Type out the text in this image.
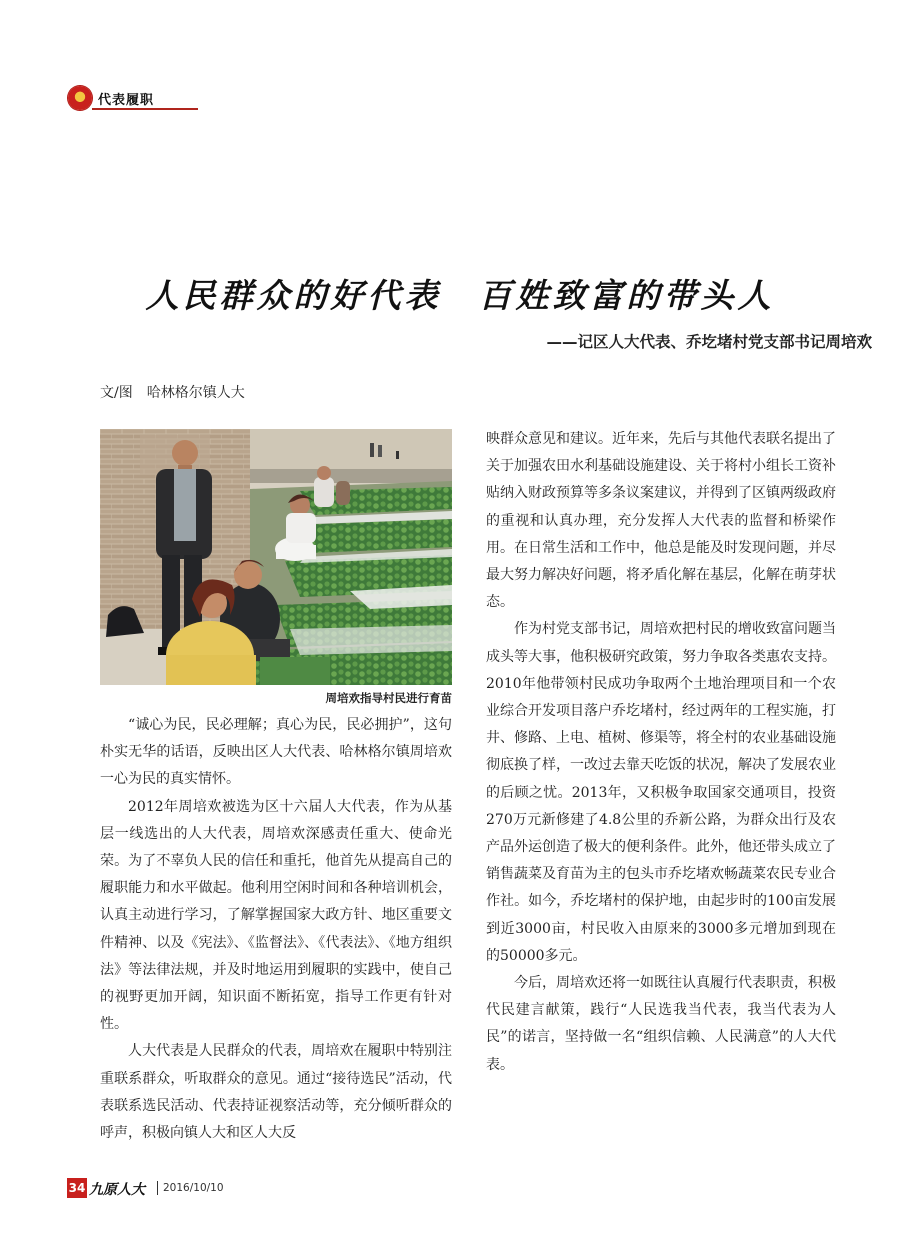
代表履职
人民群众的好代表　百姓致富的带头人
——记区人大代表、乔圪堵村党支部书记周培欢
文/图　哈林格尔镇人大
周培欢指导村民进行育苗

“诚心为民，民必理解；真心为民，民必拥护”，这句朴实无华的话语，反映出区人大代表、哈林格尔镇周培欢一心为民的真实情怀。

2012年周培欢被选为区十六届人大代表，作为从基层一线选出的人大代表，周培欢深感责任重大、使命光荣。为了不辜负人民的信任和重托，他首先从提高自己的履职能力和水平做起。他利用空闲时间和各种培训机会，认真主动进行学习，了解掌握国家大政方针、地区重要文件精神、以及《宪法》、《监督法》、《代表法》、《地方组织法》等法律法规，并及时地运用到履职的实践中，使自己的视野更加开阔，知识面不断拓宽，指导工作更有针对性。

人大代表是人民群众的代表，周培欢在履职中特别注重联系群众，听取群众的意见。通过“接待选民”活动，代表联系选民活动、代表持证视察活动等，充分倾听群众的呼声，积极向镇人大和区人大反

映群众意见和建议。近年来，先后与其他代表联名提出了关于加强农田水利基础设施建设、关于将村小组长工资补贴纳入财政预算等多条议案建议，并得到了区镇两级政府的重视和认真办理，充分发挥人大代表的监督和桥梁作用。在日常生活和工作中，他总是能及时发现问题，并尽最大努力解决好问题，将矛盾化解在基层，化解在萌芽状态。

作为村党支部书记，周培欢把村民的增收致富问题当成头等大事，他积极研究政策，努力争取各类惠农支持。2010年他带领村民成功争取两个土地治理项目和一个农业综合开发项目落户乔圪堵村，经过两年的工程实施，打井、修路、上电、植树、修渠等，将全村的农业基础设施彻底换了样，一改过去靠天吃饭的状况，解决了发展农业的后顾之忧。2013年，又积极争取国家交通项目，投资270万元新修建了4.8公里的乔新公路，为群众出行及农产品外运创造了极大的便利条件。此外，他还带头成立了销售蔬菜及育苗为主的包头市乔圪堵欢畅蔬菜农民专业合作社。如今，乔圪堵村的保护地，由起步时的100亩发展到近3000亩，村民收入由原来的3000多元增加到现在的50000多元。

今后，周培欢还将一如既往认真履行代表职责，积极代民建言献策，践行“人民选我当代表，我当代表为人民”的诺言，坚持做一名“组织信赖、人民满意”的人大代表。

34 九原人大 2016/10/10
